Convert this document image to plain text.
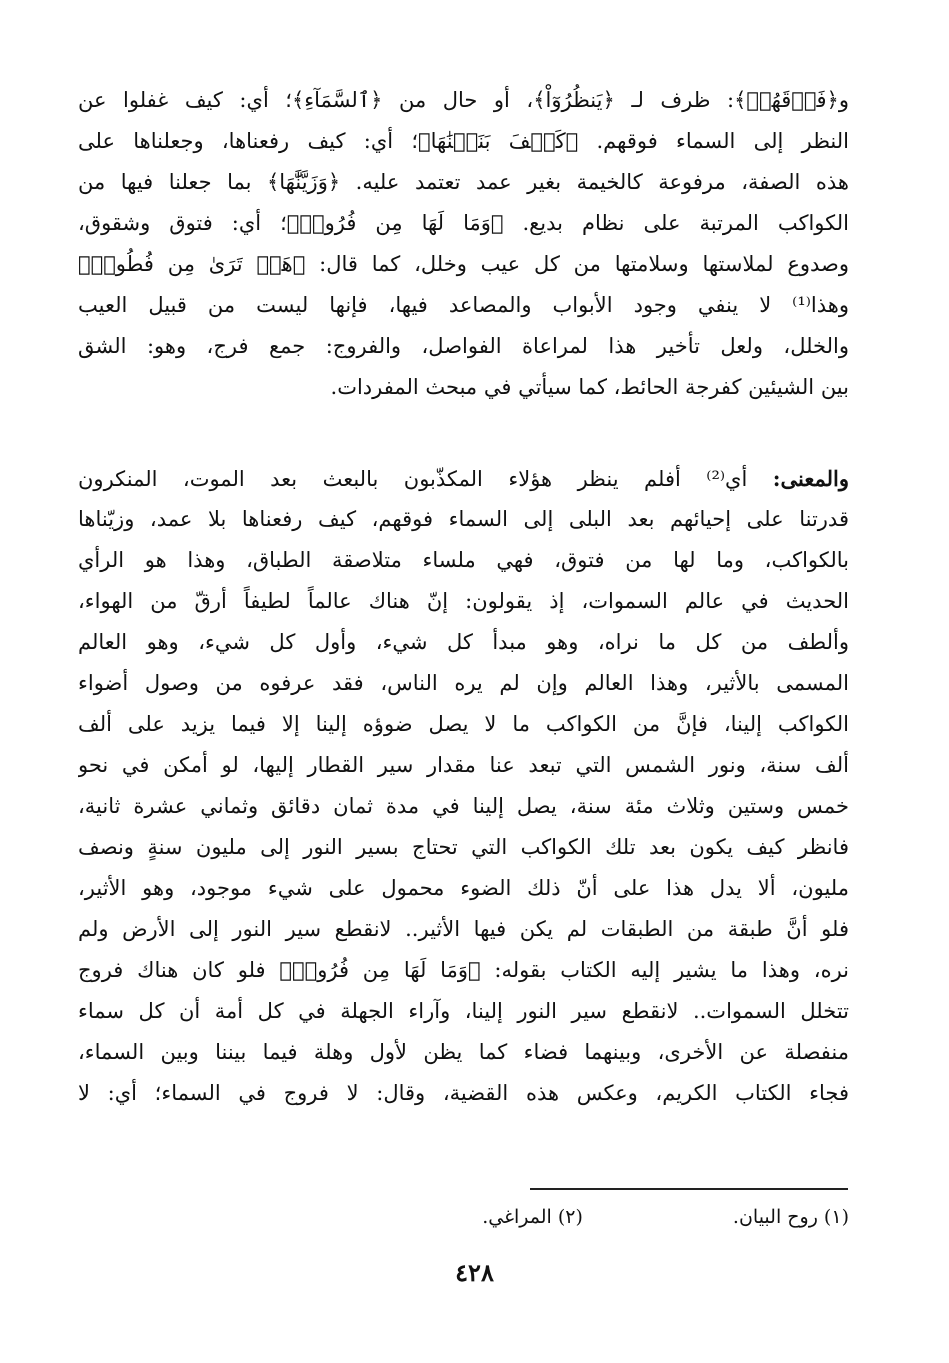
و﴿فَوۡقَهُمۡ﴾: ظرف لـ ﴿يَنظُرُوٓاْ﴾، أو حال من ﴿ٱلسَّمَآءِ﴾؛ أي: كيف غفلوا عن
النظر إلى السماء فوقهم. ﴿كَيۡفَ بَنَيۡنَٰهَا﴾؛ أي: كيف رفعناها، وجعلناها على
هذه الصفة، مرفوعة كالخيمة بغير عمد تعتمد عليه. ﴿وَزَيَّنَّٰهَا﴾ بما جعلنا فيها من
الكواكب المرتبة على نظام بديع. ﴿وَمَا لَهَا مِن فُرُوجٖ﴾؛ أي: فتوق وشقوق،
وصدوع لملاستها وسلامتها من كل عيب وخلل، كما قال: ﴿هَلۡ تَرَىٰ مِن فُطُورٖ﴾
وهذا⁽¹⁾ لا ينفي وجود الأبواب والمصاعد فيها، فإنها ليست من قبيل العيب
والخلل، ولعل تأخير هذا لمراعاة الفواصل، والفروج: جمع فرج، وهو: الشق
بين الشيئين كفرجة الحائط، كما سيأتي في مبحث المفردات.
والمعنى: أي⁽²⁾ أفلم ينظر هؤلاء المكذّبون بالبعث بعد الموت، المنكرون
قدرتنا على إحيائهم بعد البلى إلى السماء فوقهم، كيف رفعناها بلا عمد، وزيّناها
بالكواكب، وما لها من فتوق، فهي ملساء متلاصقة الطباق، وهذا هو الرأي
الحديث في عالم السموات، إذ يقولون: إنّ هناك عالماً لطيفاً أرقّ من الهواء،
وألطف من كل ما نراه، وهو مبدأ كل شيء، وأول كل شيء، وهو العالم
المسمى بالأثير، وهذا العالم وإن لم يره الناس، فقد عرفوه من وصول أضواء
الكواكب إلينا، فإنَّ من الكواكب ما لا يصل ضوؤه إلينا إلا فيما يزيد على ألف
ألف سنة، ونور الشمس التي تبعد عنا مقدار سير القطار إليها، لو أمكن في نحو
خمس وستين وثلاث مئة سنة، يصل إلينا في مدة ثمان دقائق وثماني عشرة ثانية،
فانظر كيف يكون بعد تلك الكواكب التي تحتاج بسير النور إلى مليون سنةٍ ونصف
مليون، ألا يدل هذا على أنّ ذلك الضوء محمول على شيء موجود، وهو الأثير،
فلو أنَّ طبقة من الطبقات لم يكن فيها الأثير.. لانقطع سير النور إلى الأرض ولم
نره، وهذا ما يشير إليه الكتاب بقوله: ﴿وَمَا لَهَا مِن فُرُوجٖ﴾ فلو كان هناك فروج
تتخلل السموات.. لانقطع سير النور إلينا، وآراء الجهلة في كل أمة أن كل سماء
منفصلة عن الأخرى، وبينهما فضاء كما يظن لأول وهلة فيما بيننا وبين السماء،
فجاء الكتاب الكريم، وعكس هذه القضية، وقال: لا فروج في السماء؛ أي: لا
(١) روح البيان.
(٢) المراغي.
٤٢٨
